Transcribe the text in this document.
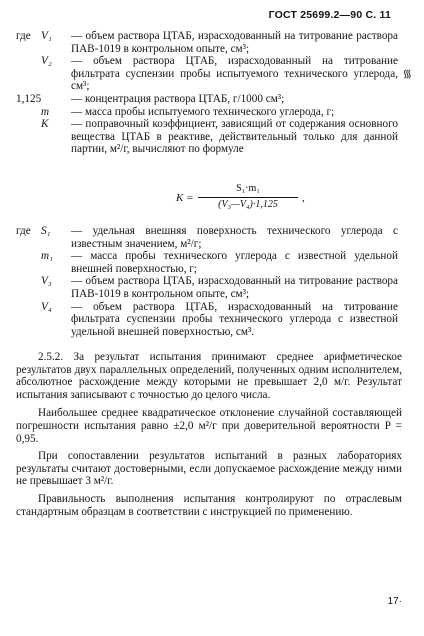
ГОСТ 25699.2—90 С. 11
᯾
где V₁	— объем раствора ЦТАБ, израсходованный на титрование раствора ПАВ-1019 в контрольном опыте, см³;
V₂	— объем раствора ЦТАБ, израсходованный на титрование фильтрата суспензии пробы испытуемого технического углерода, см³;
1,125	— концентрация раствора ЦТАБ, г/1000 см³;
m	— масса пробы испытуемого технического углерода, г;
K	— поправочный коэффициент, зависящий от содержания основного вещества ЦТАБ в реактиве, действительный только для данной партии, м²/г, вычисляют по формуле
$K = \frac{\text{S₁·m₁}}{\text{(V₃—V₄)·1,125}}$ ,
где S₁	— удельная внешняя поверхность технического углерода с известным значением, м²/г;
m₁	— масса пробы технического углерода с известной удельной внешней поверхностью, г;
V₃	— объем раствора ЦТАБ, израсходованный на титрование раствора ПАВ-1019 в контрольном опыте, см³;
V₄	— объем раствора ЦТАБ, израсходованный на титрование фильтрата суспензии пробы технического углерода с известной удельной внешней поверхностью, см³.

2.5.2. За результат испытания принимают среднее арифметическое результатов двух параллельных определений, полученных одним исполнителем, абсолютное расхождение между которыми не превышает 2,0 м/г. Результат испытания записывают с точностью до целого числа.

Наибольшее среднее квадратическое отклонение случайной составляющей погрешности испытания равно ±2,0 м²/г при доверительной вероятности P = 0,95.

При сопоставлении результатов испытаний в разных лабораториях результаты считают достоверными, если допускаемое расхождение между ними не превышает 3 м²/г.

Правильность выполнения испытания контролируют по отраслевым стандартным образцам в соответствии с инструкцией по применению.

17·
